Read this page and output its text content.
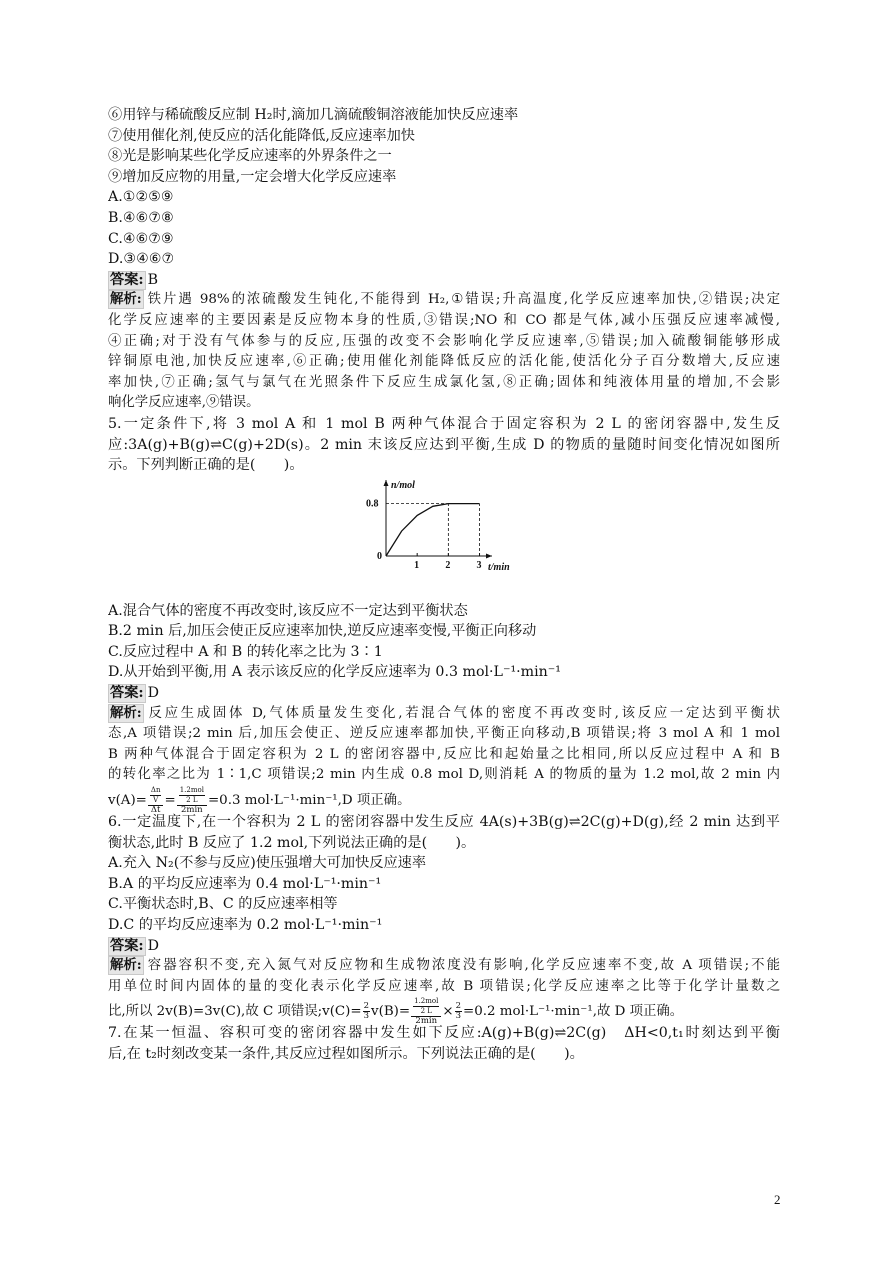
⑥用锌与稀硫酸反应制 H₂时,滴加几滴硫酸铜溶液能加快反应速率
⑦使用催化剂,使反应的活化能降低,反应速率加快
⑧光是影响某些化学反应速率的外界条件之一
⑨增加反应物的用量,一定会增大化学反应速率
A.①②⑤⑨
B.④⑥⑦⑧
C.④⑥⑦⑨
D.③④⑥⑦
答案: B
解析: 铁片遇 98%的浓硫酸发生钝化,不能得到 H₂,①错误;升高温度,化学反应速率加快,②错误;决定
化学反应速率的主要因素是反应物本身的性质,③错误;NO 和 CO 都是气体,减小压强反应速率减慢,
④正确;对于没有气体参与的反应,压强的改变不会影响化学反应速率,⑤错误;加入硫酸铜能够形成
锌铜原电池,加快反应速率,⑥正确;使用催化剂能降低反应的活化能,使活化分子百分数增大,反应速
率加快,⑦正确;氢气与氯气在光照条件下反应生成氯化氢,⑧正确;固体和纯液体用量的增加,不会影
响化学反应速率,⑨错误。
5.一定条件下,将 3 mol A 和 1 mol B 两种气体混合于固定容积为 2 L 的密闭容器中,发生反
应:3A(g)+B(g)⇌C(g)+2D(s)。2 min 末该反应达到平衡,生成 D 的物质的量随时间变化情况如图所
示。下列判断正确的是(　　)。
n/mol
t/min
0
1	2	3
0.8
A.混合气体的密度不再改变时,该反应不一定达到平衡状态
B.2 min 后,加压会使正反应速率加快,逆反应速率变慢,平衡正向移动
C.反应过程中 A 和 B 的转化率之比为 3∶1
D.从开始到平衡,用 A 表示该反应的化学反应速率为 0.3 mol·L⁻¹·min⁻¹
答案: D
解析: 反应生成固体 D,气体质量发生变化,若混合气体的密度不再改变时,该反应一定达到平衡状
态,A 项错误;2 min 后,加压会使正、逆反应速率都加快,平衡正向移动,B 项错误;将 3 mol A 和 1 mol
B 两种气体混合于固定容积为 2 L 的密闭容器中,反应比和起始量之比相同,所以反应过程中 A 和 B
的转化率之比为 1∶1,C 项错误;2 min 内生成 0.8 mol D,则消耗 A 的物质的量为 1.2 mol,故 2 min 内
$v(A)= \frac{\frac{\Delta n}{V}}{\Delta t} = \frac{\frac{\text{1.2mol}}{2 L}}{2\min} =0.3$ mol·L⁻¹·min⁻¹,D 项正确。
6.一定温度下,在一个容积为 2 L 的密闭容器中发生反应 4A(s)+3B(g)⇌2C(g)+D(g),经 2 min 达到平
衡状态,此时 B 反应了 1.2 mol,下列说法正确的是(　　)。
A.充入 N₂(不参与反应)使压强增大可加快反应速率
B.A 的平均反应速率为 0.4 mol·L⁻¹·min⁻¹
C.平衡状态时,B、C 的反应速率相等
D.C 的平均反应速率为 0.2 mol·L⁻¹·min⁻¹
答案: D
解析: 容器容积不变,充入氮气对反应物和生成物浓度没有影响,化学反应速率不变,故 A 项错误;不能
用单位时间内固体的量的变化表示化学反应速率,故 B 项错误;化学反应速率之比等于化学计量数之
比,所以 2v(B)=3v(C),故 C 项错误;v(C)= $\frac{2}{3} v(B)= \frac{\frac{\text{1.2mol}}{2 L}}{2\min} \times \frac{2}{3} =0.2$ mol·L⁻¹·min⁻¹,故 D 项正确。
7.在某一恒温、容积可变的密闭容器中发生如下反应:A(g)+B(g)⇌2C(g)　ΔH<0,t₁时刻达到平衡
后,在 t₂时刻改变某一条件,其反应过程如图所示。下列说法正确的是(　　)。
2
